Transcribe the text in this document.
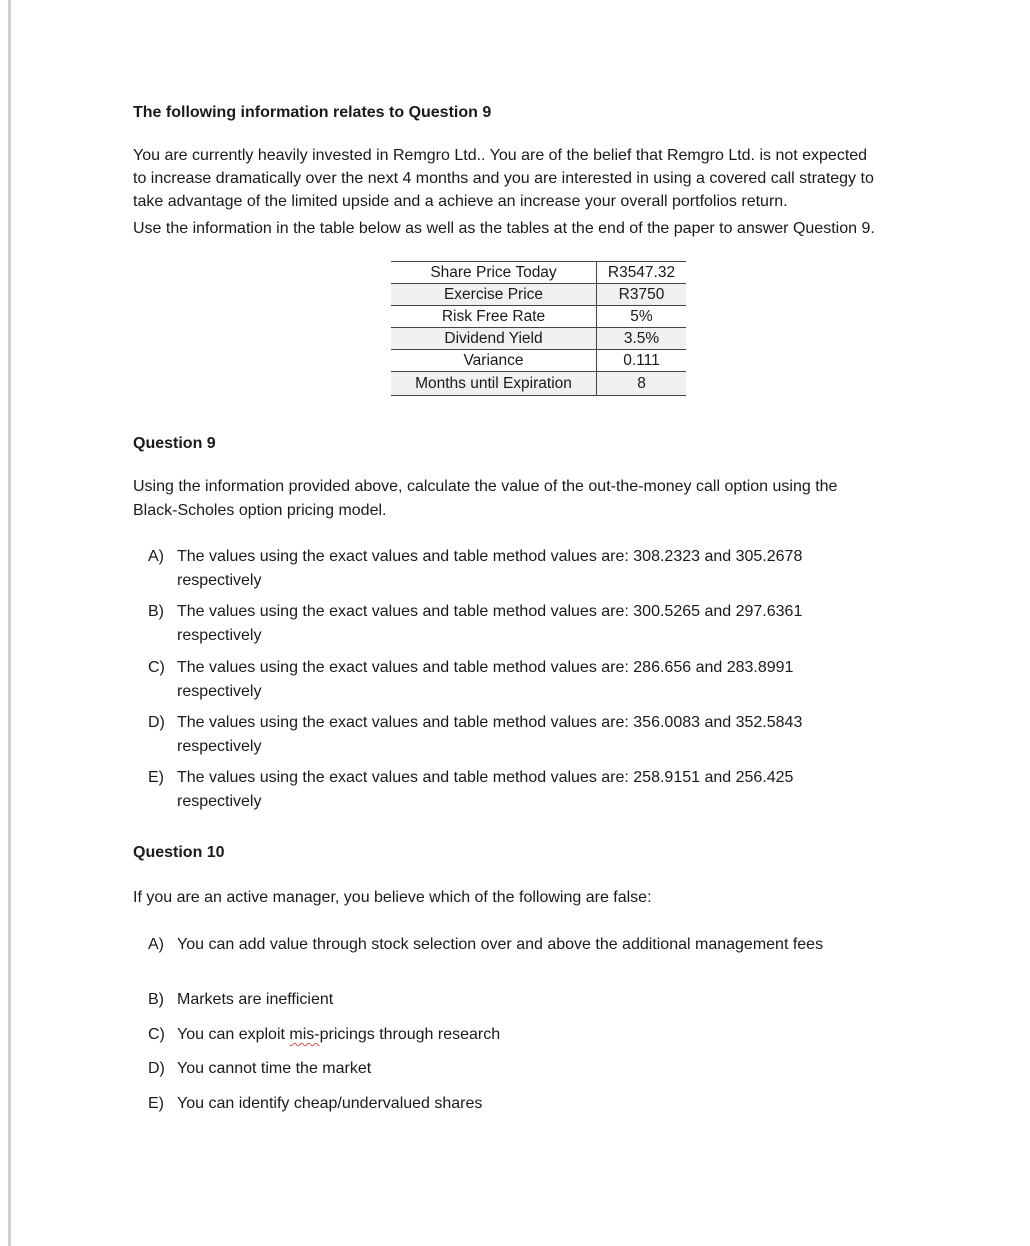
The following information relates to Question 9
You are currently heavily invested in Remgro Ltd.. You are of the belief that Remgro Ltd. is not expected
to increase dramatically over the next 4 months and you are interested in using a covered call strategy to
take advantage of the limited upside and a achieve an increase your overall portfolios return.
Use the information in the table below as well as the tables at the end of the paper to answer Question 9.
Share Price Today	R3547.32
Exercise Price	R3750
Risk Free Rate	5%
Dividend Yield	3.5%
Variance	0.111
Months until Expiration	8
Question 9
Using the information provided above, calculate the value of the out-the-money call option using the
Black-Scholes option pricing model.
A) The values using the exact values and table method values are: 308.2323 and 305.2678
respectively
B) The values using the exact values and table method values are: 300.5265 and 297.6361
respectively
C) The values using the exact values and table method values are: 286.656 and 283.8991
respectively
D) The values using the exact values and table method values are: 356.0083 and 352.5843
respectively
E) The values using the exact values and table method values are: 258.9151 and 256.425
respectively
Question 10
If you are an active manager, you believe which of the following are false:
A) You can add value through stock selection over and above the additional management fees
B) Markets are inefficient
C) You can exploit mis-pricings through research
D) You cannot time the market
E) You can identify cheap/undervalued shares
